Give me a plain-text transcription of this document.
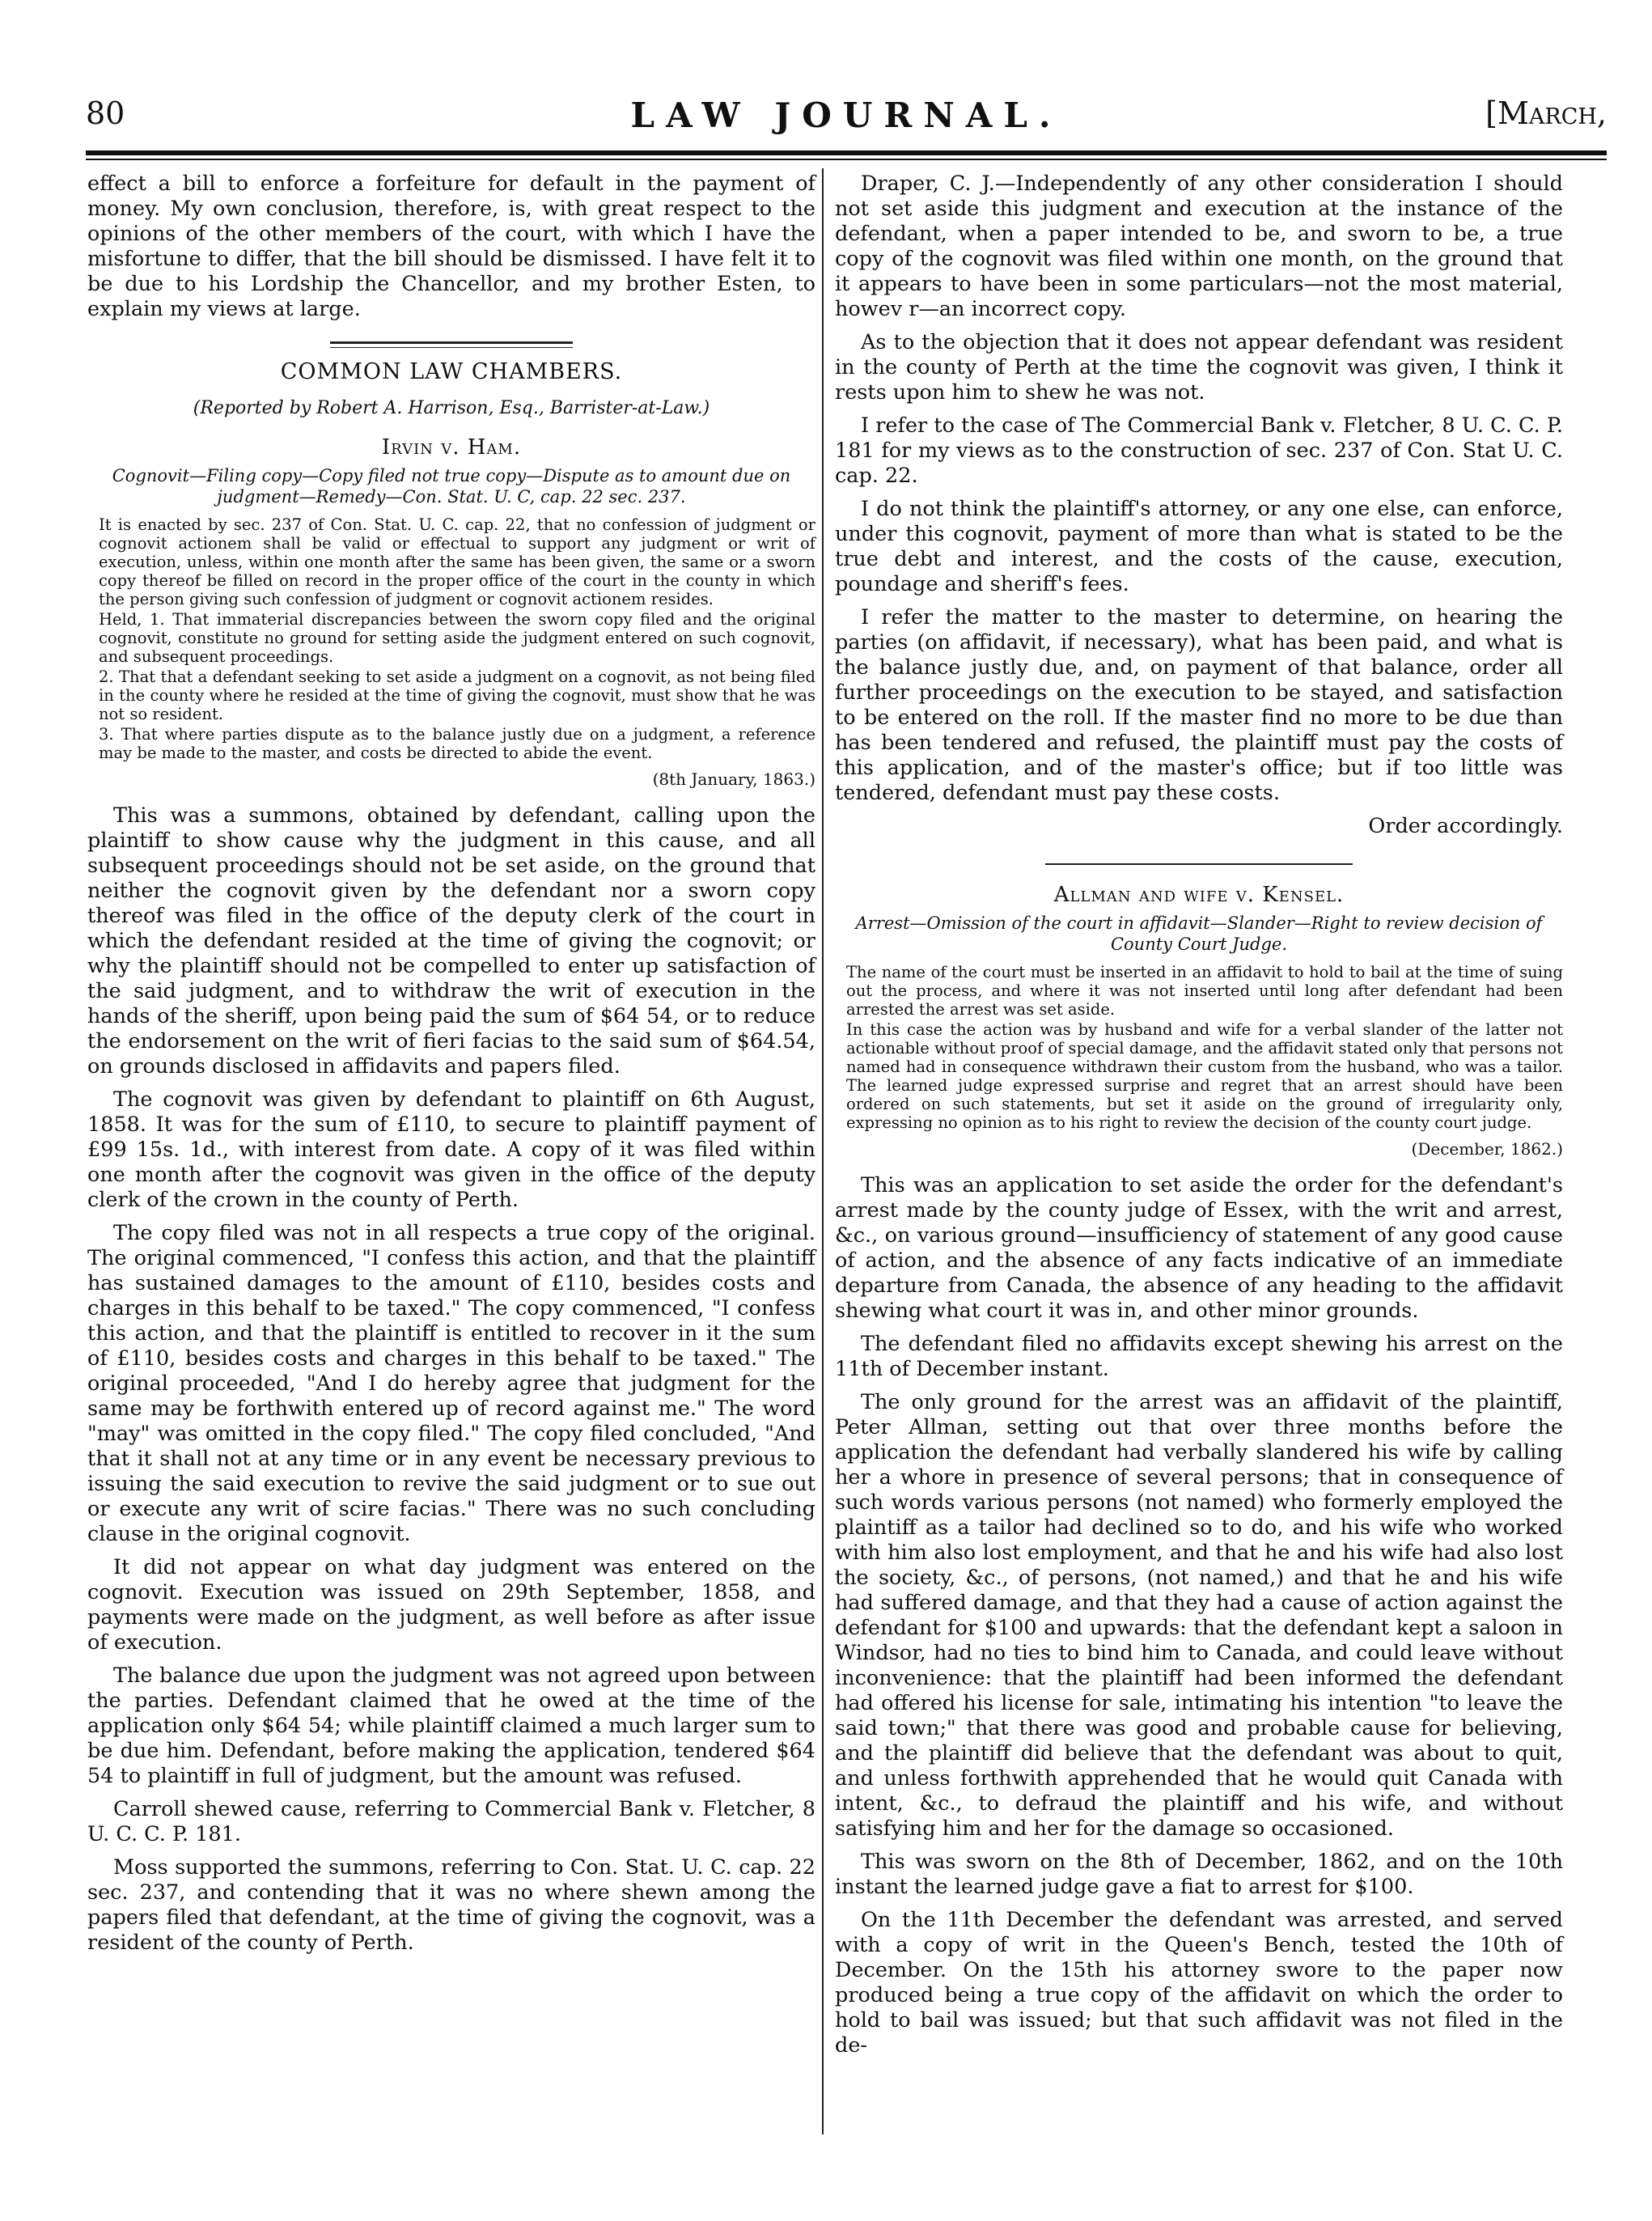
80	LAW JOURNAL.	[March,

effect a bill to enforce a forfeiture for default in the payment of money. My own conclusion, therefore, is, with great respect to the opinions of the other members of the court, with which I have the misfortune to differ, that the bill should be dismissed. I have felt it to be due to his Lordship the Chancellor, and my brother Esten, to explain my views at large.

COMMON LAW CHAMBERS.
(Reported by Robert A. Harrison, Esq., Barrister-at-Law.)
Irvin v. Ham.
Cognovit—Filing copy—Copy filed not true copy—Dispute as to amount due on judgment—Remedy—Con. Stat. U. C, cap. 22 sec. 237.

It is enacted by sec. 237 of Con. Stat. U. C. cap. 22, that no confession of judgment or cognovit actionem shall be valid or effectual to support any judgment or writ of execution, unless, within one month after the same has been given, the same or a sworn copy thereof be filled on record in the proper office of the court in the county in which the person giving such confession of judgment or cognovit actionem resides.

Held, 1. That immaterial discrepancies between the sworn copy filed and the original cognovit, constitute no ground for setting aside the judgment entered on such cognovit, and subsequent proceedings.

2. That that a defendant seeking to set aside a judgment on a cognovit, as not being filed in the county where he resided at the time of giving the cognovit, must show that he was not so resident.

3. That where parties dispute as to the balance justly due on a judgment, a reference may be made to the master, and costs be directed to abide the event.

(8th January, 1863.)

This was a summons, obtained by defendant, calling upon the plaintiff to show cause why the judgment in this cause, and all subsequent proceedings should not be set aside, on the ground that neither the cognovit given by the defendant nor a sworn copy thereof was filed in the office of the deputy clerk of the court in which the defendant resided at the time of giving the cognovit; or why the plaintiff should not be compelled to enter up satisfaction of the said judgment, and to withdraw the writ of execution in the hands of the sheriff, upon being paid the sum of $64 54, or to reduce the endorsement on the writ of fieri facias to the said sum of $64.54, on grounds disclosed in affidavits and papers filed.

The cognovit was given by defendant to plaintiff on 6th August, 1858. It was for the sum of £110, to secure to plaintiff payment of £99 15s. 1d., with interest from date. A copy of it was filed within one month after the cognovit was given in the office of the deputy clerk of the crown in the county of Perth.

The copy filed was not in all respects a true copy of the original. The original commenced, "I confess this action, and that the plaintiff has sustained damages to the amount of £110, besides costs and charges in this behalf to be taxed." The copy commenced, "I confess this action, and that the plaintiff is entitled to recover in it the sum of £110, besides costs and charges in this behalf to be taxed." The original proceeded, "And I do hereby agree that judgment for the same may be forthwith entered up of record against me." The word "may" was omitted in the copy filed." The copy filed concluded, "And that it shall not at any time or in any event be necessary previous to issuing the said execution to revive the said judgment or to sue out or execute any writ of scire facias." There was no such concluding clause in the original cognovit.

It did not appear on what day judgment was entered on the cognovit. Execution was issued on 29th September, 1858, and payments were made on the judgment, as well before as after issue of execution.

The balance due upon the judgment was not agreed upon between the parties. Defendant claimed that he owed at the time of the application only $64 54; while plaintiff claimed a much larger sum to be due him. Defendant, before making the application, tendered $64 54 to plaintiff in full of judgment, but the amount was refused.

Carroll shewed cause, referring to Commercial Bank v. Fletcher, 8 U. C. C. P. 181.

Moss supported the summons, referring to Con. Stat. U. C. cap. 22 sec. 237, and contending that it was no where shewn among the papers filed that defendant, at the time of giving the cognovit, was a resident of the county of Perth.

Draper, C. J.—Independently of any other consideration I should not set aside this judgment and execution at the instance of the defendant, when a paper intended to be, and sworn to be, a true copy of the cognovit was filed within one month, on the ground that it appears to have been in some particulars—not the most material, howev r—an incorrect copy.

As to the objection that it does not appear defendant was resident in the county of Perth at the time the cognovit was given, I think it rests upon him to shew he was not.

I refer to the case of The Commercial Bank v. Fletcher, 8 U. C. C. P. 181 for my views as to the construction of sec. 237 of Con. Stat U. C. cap. 22.

I do not think the plaintiff's attorney, or any one else, can enforce, under this cognovit, payment of more than what is stated to be the true debt and interest, and the costs of the cause, execution, poundage and sheriff's fees.

I refer the matter to the master to determine, on hearing the parties (on affidavit, if necessary), what has been paid, and what is the balance justly due, and, on payment of that balance, order all further proceedings on the execution to be stayed, and satisfaction to be entered on the roll. If the master find no more to be due than has been tendered and refused, the plaintiff must pay the costs of this application, and of the master's office; but if too little was tendered, defendant must pay these costs.

Order accordingly.
Allman and wife v. Kensel.
Arrest—Omission of the court in affidavit—Slander—Right to review decision of County Court Judge.

The name of the court must be inserted in an affidavit to hold to bail at the time of suing out the process, and where it was not inserted until long after defendant had been arrested the arrest was set aside.

In this case the action was by husband and wife for a verbal slander of the latter not actionable without proof of special damage, and the affidavit stated only that persons not named had in consequence withdrawn their custom from the husband, who was a tailor. The learned judge expressed surprise and regret that an arrest should have been ordered on such statements, but set it aside on the ground of irregularity only, expressing no opinion as to his right to review the decision of the county court judge.

(December, 1862.)

This was an application to set aside the order for the defendant's arrest made by the county judge of Essex, with the writ and arrest, &c., on various ground—insufficiency of statement of any good cause of action, and the absence of any facts indicative of an immediate departure from Canada, the absence of any heading to the affidavit shewing what court it was in, and other minor grounds.

The defendant filed no affidavits except shewing his arrest on the 11th of December instant.

The only ground for the arrest was an affidavit of the plaintiff, Peter Allman, setting out that over three months before the application the defendant had verbally slandered his wife by calling her a whore in presence of several persons; that in consequence of such words various persons (not named) who formerly employed the plaintiff as a tailor had declined so to do, and his wife who worked with him also lost employment, and that he and his wife had also lost the society, &c., of persons, (not named,) and that he and his wife had suffered damage, and that they had a cause of action against the defendant for $100 and upwards: that the defendant kept a saloon in Windsor, had no ties to bind him to Canada, and could leave without inconvenience: that the plaintiff had been informed the defendant had offered his license for sale, intimating his intention "to leave the said town;" that there was good and probable cause for believing, and the plaintiff did believe that the defendant was about to quit, and unless forthwith apprehended that he would quit Canada with intent, &c., to defraud the plaintiff and his wife, and without satisfying him and her for the damage so occasioned.

This was sworn on the 8th of December, 1862, and on the 10th instant the learned judge gave a fiat to arrest for $100.

On the 11th December the defendant was arrested, and served with a copy of writ in the Queen's Bench, tested the 10th of December. On the 15th his attorney swore to the paper now produced being a true copy of the affidavit on which the order to hold to bail was issued; but that such affidavit was not filed in the de-
